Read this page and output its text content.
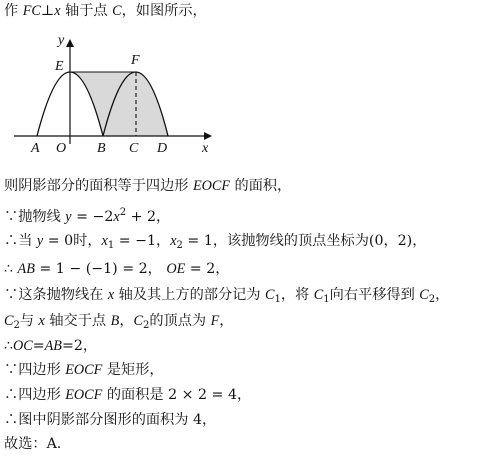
作 FC⊥x 轴于点 C，如图所示，
y
x
E	F
A O B C D
则阴影部分的面积等于四边形 EOCF 的面积，
∵抛物线 $y = -2x^2 + 2$，
∴当 y = 0时，$x_1 = -1$，$x_2 = 1$，该抛物线的顶点坐标为(0，2)，
∴ AB = 1 − (−1) = 2， OE = 2，
∵这条抛物线在 x 轴及其上方的部分记为 $C_1$，将 $C_1$向右平移得到 $C_2$，
$C_2$与 x 轴交于点 B，$C_2$的顶点为 F，
∴OC=AB=2，
∵四边形 EOCF 是矩形，
∴四边形 EOCF 的面积是 2 × 2 = 4，
∴图中阴影部分图形的面积为 4，
故选：A.
